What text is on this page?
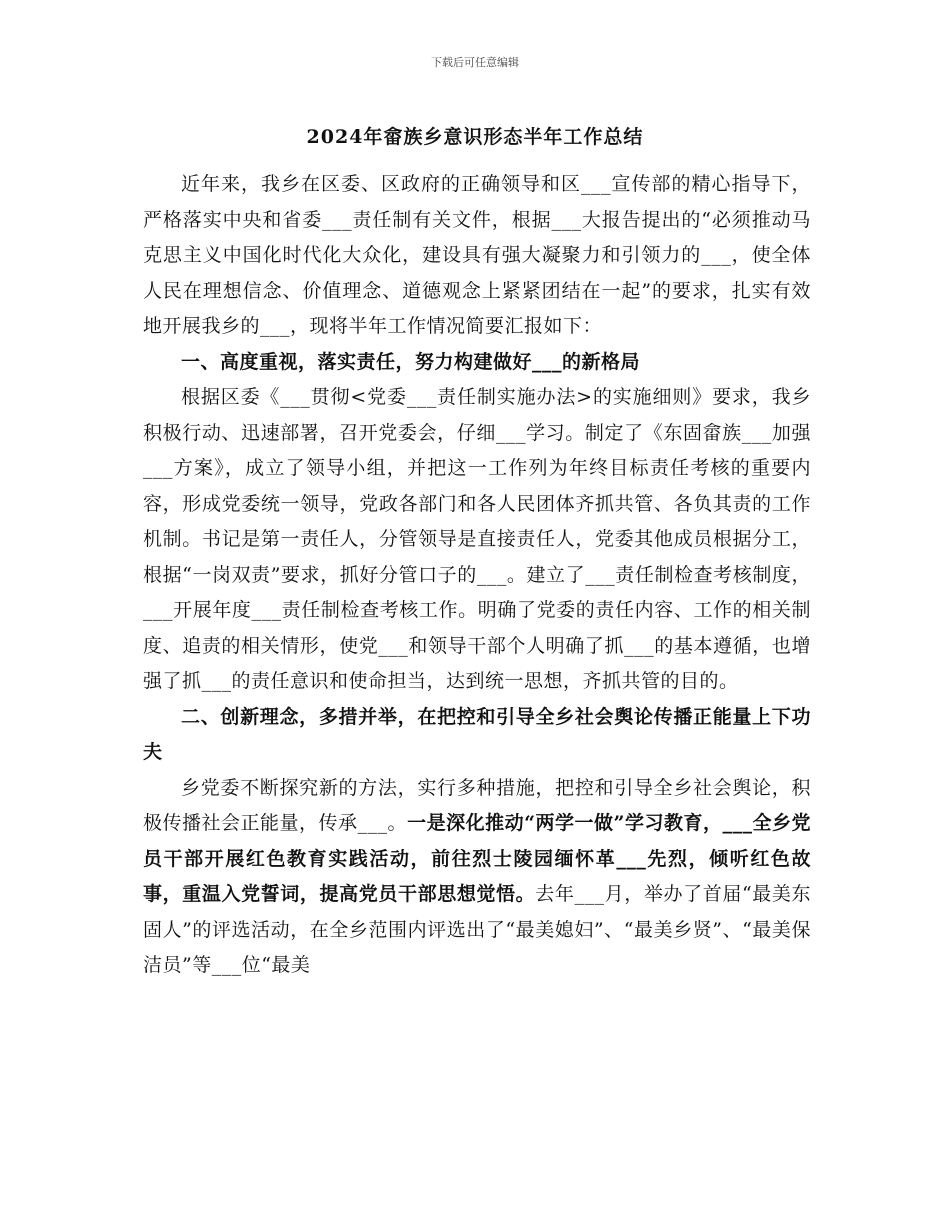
下载后可任意编辑
2024年畲族乡意识形态半年工作总结

近年来，我乡在区委、区政府的正确领导和区___宣传部的精心指导下，严格落实中央和省委___责任制有关文件，根据___大报告提出的“必须推动马克思主义中国化时代化大众化，建设具有强大凝聚力和引领力的___，使全体人民在理想信念、价值理念、道德观念上紧紧团结在一起”的要求，扎实有效地开展我乡的___，现将半年工作情况简要汇报如下：

一、高度重视，落实责任，努力构建做好___的新格局

根据区委《___贯彻<党委___责任制实施办法>的实施细则》要求，我乡积极行动、迅速部署，召开党委会，仔细___学习。制定了《东固畲族___加强___方案》，成立了领导小组，并把这一工作列为年终目标责任考核的重要内容，形成党委统一领导，党政各部门和各人民团体齐抓共管、各负其责的工作机制。书记是第一责任人，分管领导是直接责任人，党委其他成员根据分工，根据“一岗双责”要求，抓好分管口子的___。建立了___责任制检查考核制度，___开展年度___责任制检查考核工作。明确了党委的责任内容、工作的相关制度、追责的相关情形，使党___和领导干部个人明确了抓___的基本遵循，也增强了抓___的责任意识和使命担当，达到统一思想，齐抓共管的目的。

二、创新理念，多措并举，在把控和引导全乡社会舆论传播正能量上下功夫

乡党委不断探究新的方法，实行多种措施，把控和引导全乡社会舆论，积极传播社会正能量，传承___。一是深化推动“两学一做”学习教育，___全乡党员干部开展红色教育实践活动，前往烈士陵园缅怀革___先烈，倾听红色故事，重温入党誓词，提高党员干部思想觉悟。去年___月，举办了首届“最美东固人”的评选活动，在全乡范围内评选出了“最美媳妇”、“最美乡贤”、“最美保洁员”等___位“最美
